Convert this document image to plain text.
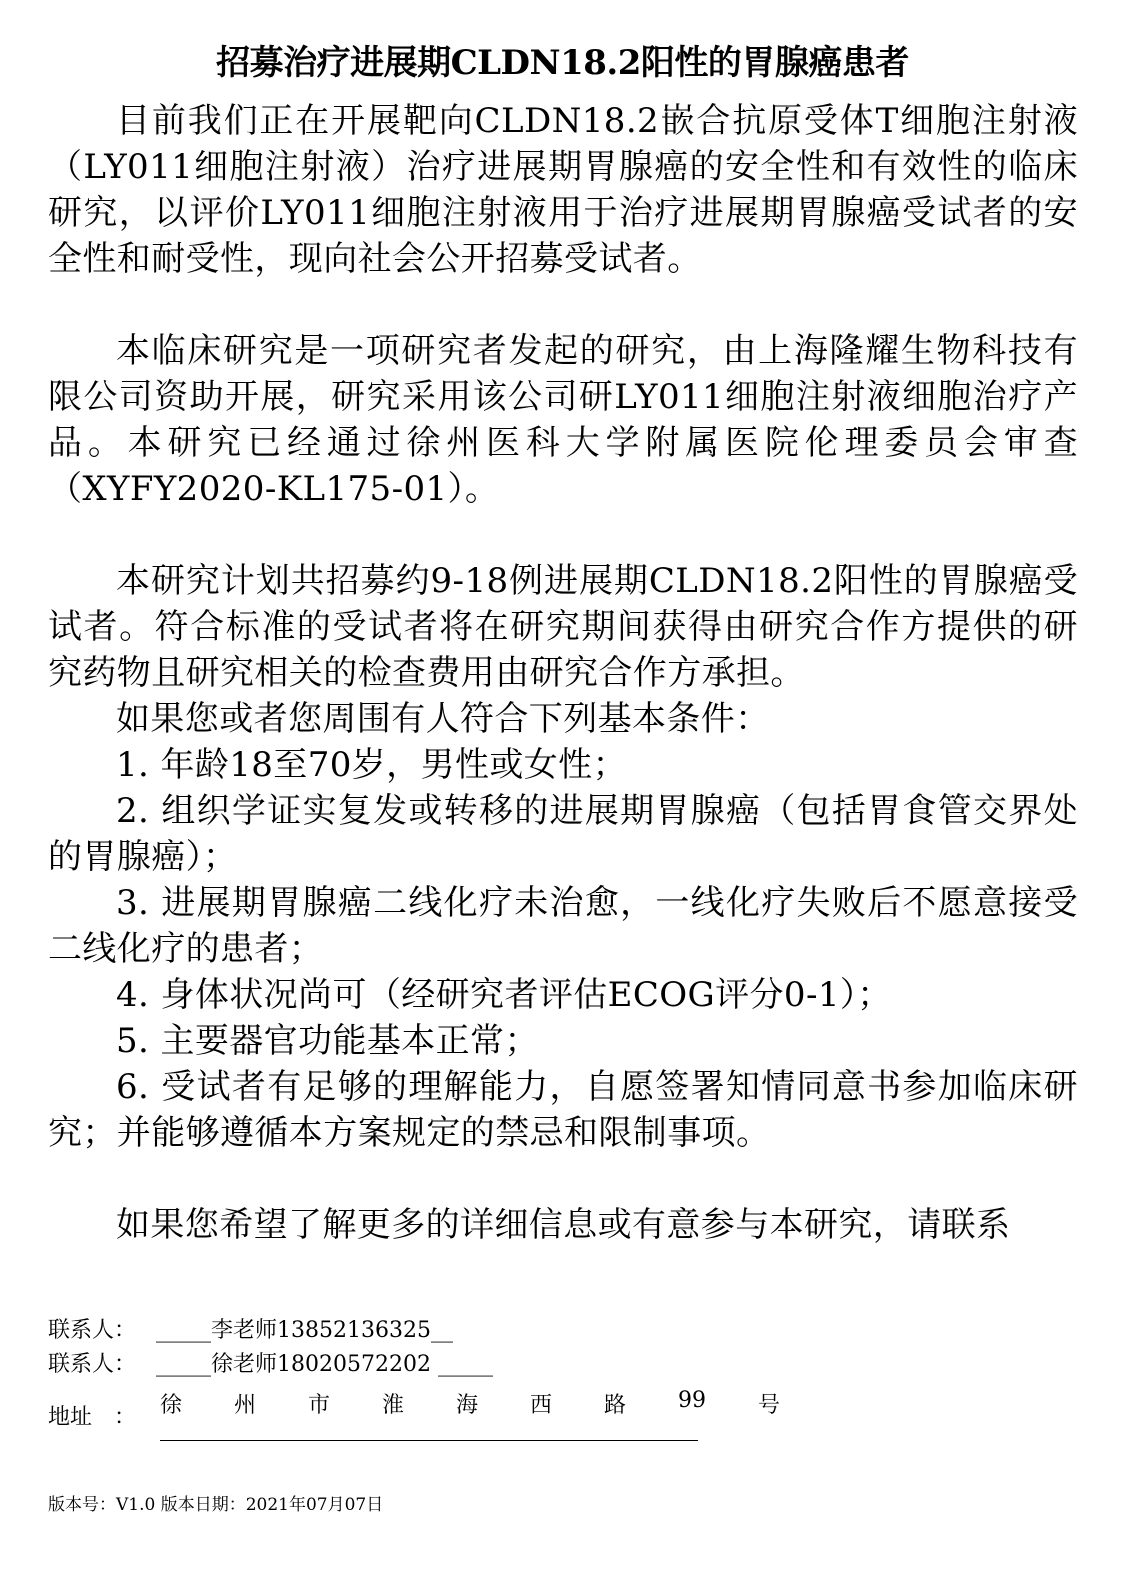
招募治疗进展期CLDN18.2阳性的胃腺癌患者

目前我们正在开展靶向CLDN18.2嵌合抗原受体T细胞注射液（LY011细胞注射液）治疗进展期胃腺癌的安全性和有效性的临床研究，以评价LY011细胞注射液用于治疗进展期胃腺癌受试者的安全性和耐受性，现向社会公开招募受试者。

本临床研究是一项研究者发起的研究，由上海隆耀生物科技有限公司资助开展，研究采用该公司研LY011细胞注射液细胞治疗产品。本研究已经通过徐州医科大学附属医院伦理委员会审查（XYFY2020-KL175-01）。

本研究计划共招募约9-18例进展期CLDN18.2阳性的胃腺癌受试者。符合标准的受试者将在研究期间获得由研究合作方提供的研究药物且研究相关的检查费用由研究合作方承担。

如果您或者您周围有人符合下列基本条件：

1. 年龄18至70岁，男性或女性；

2. 组织学证实复发或转移的进展期胃腺癌（包括胃食管交界处的胃腺癌）；

3. 进展期胃腺癌二线化疗未治愈，一线化疗失败后不愿意接受二线化疗的患者；

4. 身体状况尚可（经研究者评估ECOG评分0-1）；

5. 主要器官功能基本正常；

6. 受试者有足够的理解能力，自愿签署知情同意书参加临床研究；并能够遵循本方案规定的禁忌和限制事项。

如果您希望了解更多的详细信息或有意参与本研究，请联系

联系人： _____李老师13852136325__
联系人： _____徐老师18020572202 _____
地址　： 徐 州 市 淮 海 西 路 99 号
版本号：V1.0 版本日期：2021年07月07日
